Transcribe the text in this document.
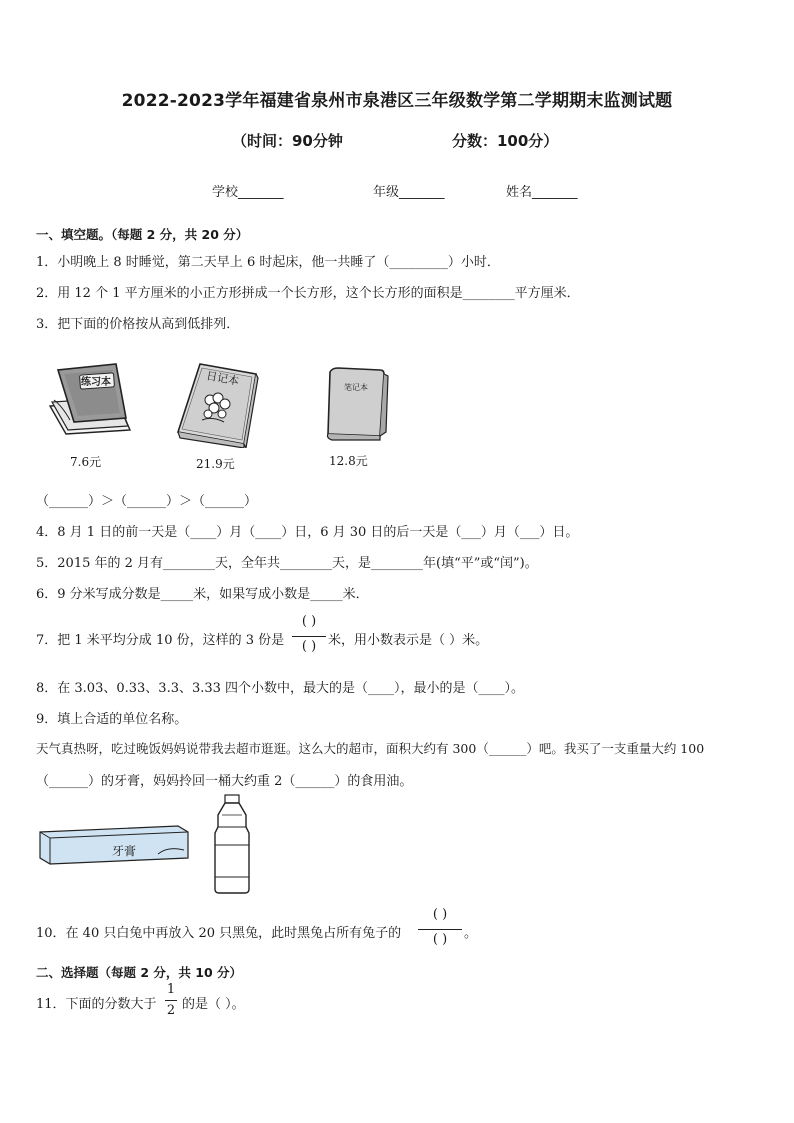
2022-2023学年福建省泉州市泉港区三年级数学第二学期期末监测试题
（时间：90分钟	分数：100分）
学校_______	年级_______	姓名_______
一、填空题。（每题 2 分，共 20 分）
1．小明晚上 8 时睡觉，第二天早上 6 时起床，他一共睡了（_________）小时．
2．用 12 个 1 平方厘米的小正方形拼成一个长方形，这个长方形的面积是________平方厘米．
3．把下面的价格按从高到低排列．
练习本
7.6元
日记本
21.9元
笔记本
12.8元
（______）＞（______）＞（______）
4．8 月 1 日的前一天是（____）月（____）日，6 月 30 日的后一天是（___）月（___）日。
5．2015 年的 2 月有________天，全年共________天，是________年(填“平”或“闰”)。
6．9 分米写成分数是_____米，如果写成小数是_____米．
7．把 1 米平均分成 10 份，这样的 3 份是
( )
( ) 米，用小数表示是（ ）米。
8．在 3.03、0.33、3.3、3.33 四个小数中，最大的是（____），最小的是（____）。
9．填上合适的单位名称。
天气真热呀，吃过晚饭妈妈说带我去超市逛逛。这么大的超市，面积大约有 300（______）吧。我买了一支重量大约 100
（______）的牙膏，妈妈拎回一桶大约重 2（______）的食用油。
牙膏
10．在 40 只白兔中再放入 20 只黑兔，此时黑兔占所有兔子的
( )
( )	。
二、选择题（每题 2 分，共 10 分）
11．下面的分数大于
1
2 的是（ ）。
